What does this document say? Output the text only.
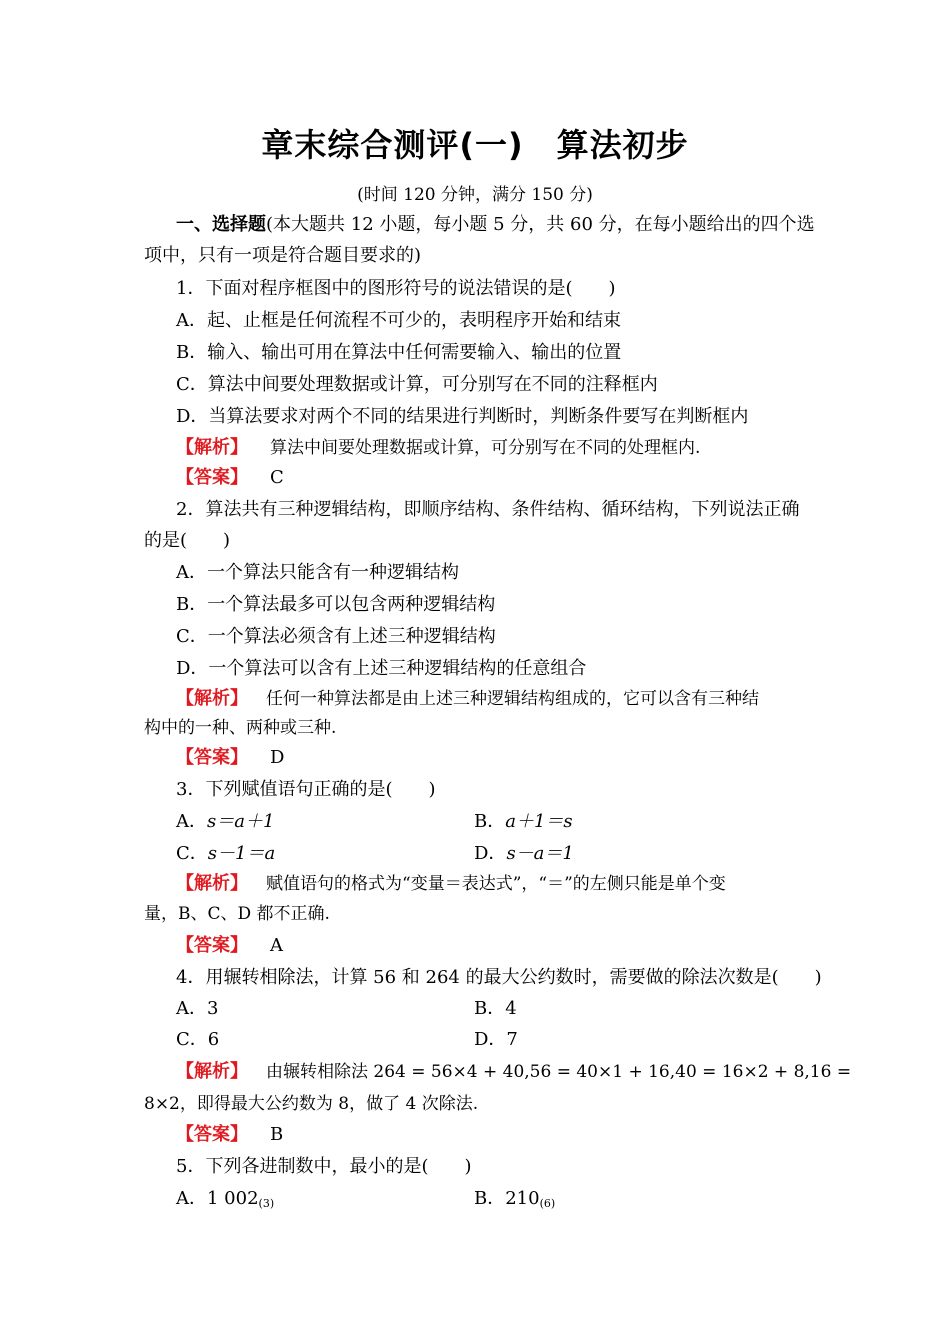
章末综合测评(一)　算法初步
(时间 120 分钟，满分 150 分)
一、选择题(本大题共 12 小题，每小题 5 分，共 60 分，在每小题给出的四个选
项中，只有一项是符合题目要求的)
1．下面对程序框图中的图形符号的说法错误的是(　　)
A．起、止框是任何流程不可少的，表明程序开始和结束
B．输入、输出可用在算法中任何需要输入、输出的位置
C．算法中间要处理数据或计算，可分别写在不同的注释框内
D．当算法要求对两个不同的结果进行判断时，判断条件要写在判断框内
【解析】 算法中间要处理数据或计算，可分别写在不同的处理框内.
【答案】 C
2．算法共有三种逻辑结构，即顺序结构、条件结构、循环结构，下列说法正确
的是(　　)
A．一个算法只能含有一种逻辑结构
B．一个算法最多可以包含两种逻辑结构
C．一个算法必须含有上述三种逻辑结构
D．一个算法可以含有上述三种逻辑结构的任意组合
【解析】 任何一种算法都是由上述三种逻辑结构组成的，它可以含有三种结
构中的一种、两种或三种.
【答案】 D
3．下列赋值语句正确的是(　　)
A．s＝a＋1	B．a＋1＝s
C．s－1＝a	D．s－a＝1
【解析】 赋值语句的格式为“变量＝表达式”，“＝”的左侧只能是单个变
量，B、C、D 都不正确.
【答案】 A
4．用辗转相除法，计算 56 和 264 的最大公约数时，需要做的除法次数是(　　)
A．3	B．4
C．6	D．7
【解析】 由辗转相除法 264 = 56×4 + 40,56 = 40×1 + 16,40 = 16×2 + 8,16 =
8×2，即得最大公约数为 8，做了 4 次除法.
【答案】 B
5．下列各进制数中，最小的是(　　)
A．1 $002_{(3)}$	B．$210_{(6)}$
